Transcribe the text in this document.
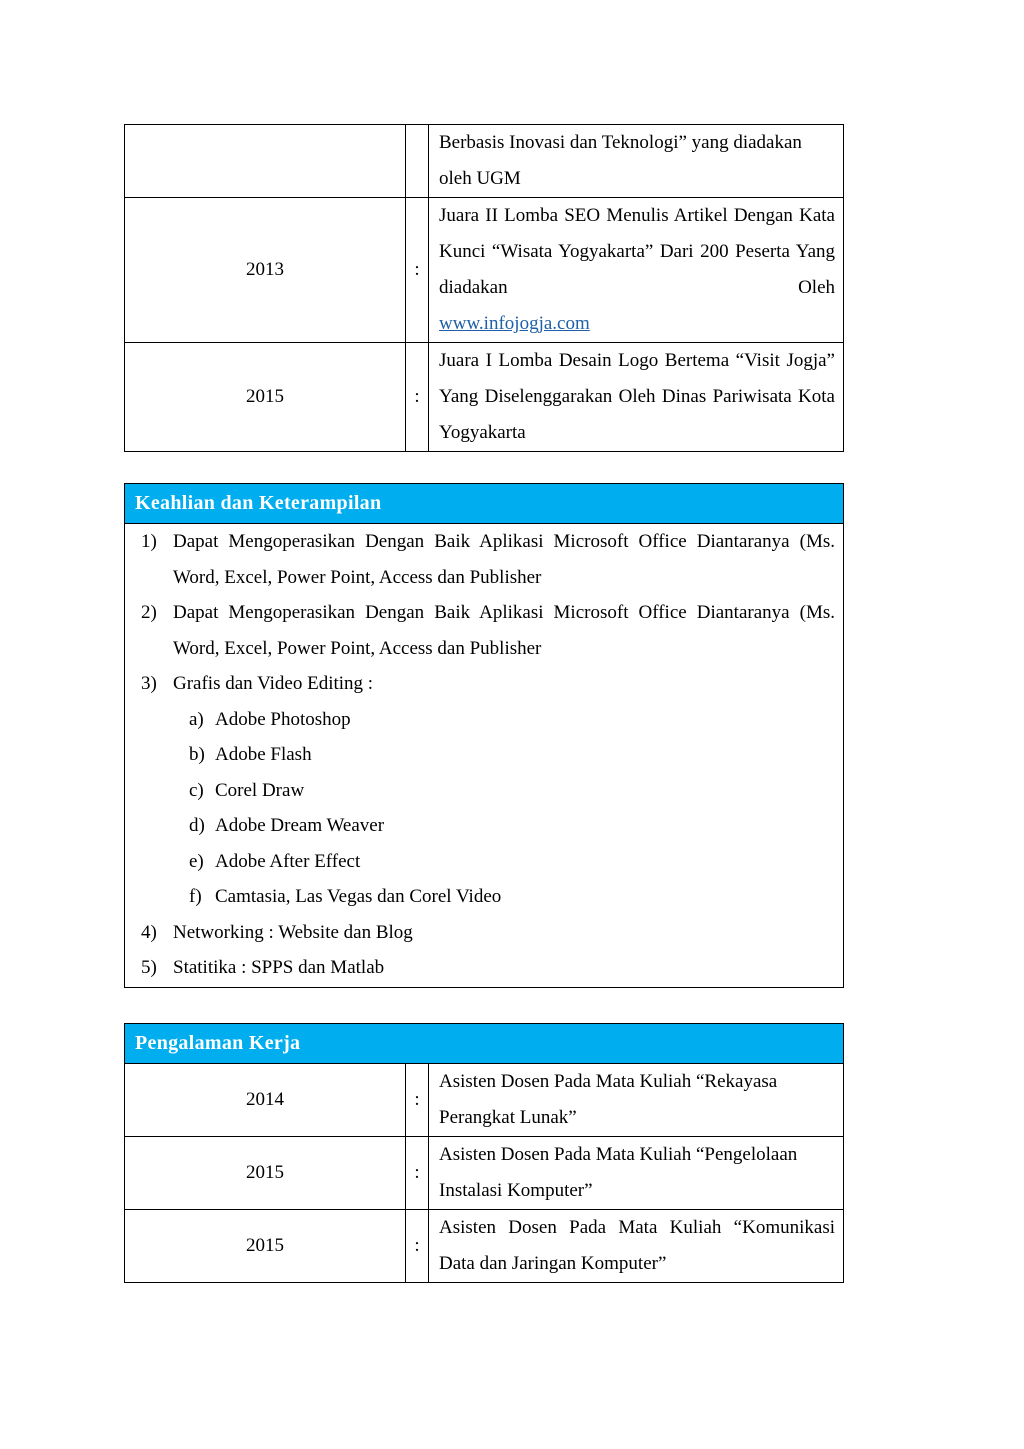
		Berbasis Inovasi dan Teknologi” yang diadakan oleh UGM
2013	:	Juara II Lomba SEO Menulis Artikel Dengan Kata Kunci “Wisata Yogyakarta” Dari 200 Peserta Yang diadakan Oleh
www.infojogja.com
2015	:	Juara I Lomba Desain Logo Bertema “Visit Jogja” Yang Diselenggarakan Oleh Dinas Pariwisata Kota Yogyakarta
Keahlian dan Keterampilan
1) Dapat Mengoperasikan Dengan Baik Aplikasi Microsoft Office Diantaranya (Ms. Word, Excel, Power Point, Access dan Publisher
2) Dapat Mengoperasikan Dengan Baik Aplikasi Microsoft Office Diantaranya (Ms. Word, Excel, Power Point, Access dan Publisher
3) Grafis dan Video Editing :
a) Adobe Photoshop
b) Adobe Flash
c) Corel Draw
d) Adobe Dream Weaver
e) Adobe After Effect
f) Camtasia, Las Vegas dan Corel Video
4) Networking : Website dan Blog
5) Statitika : SPPS dan Matlab
Pengalaman Kerja
2014	:	Asisten Dosen Pada Mata Kuliah “Rekayasa Perangkat Lunak”
2015	:	Asisten Dosen Pada Mata Kuliah “Pengelolaan Instalasi Komputer”
2015	:	Asisten Dosen Pada Mata Kuliah “Komunikasi Data dan Jaringan Komputer”
